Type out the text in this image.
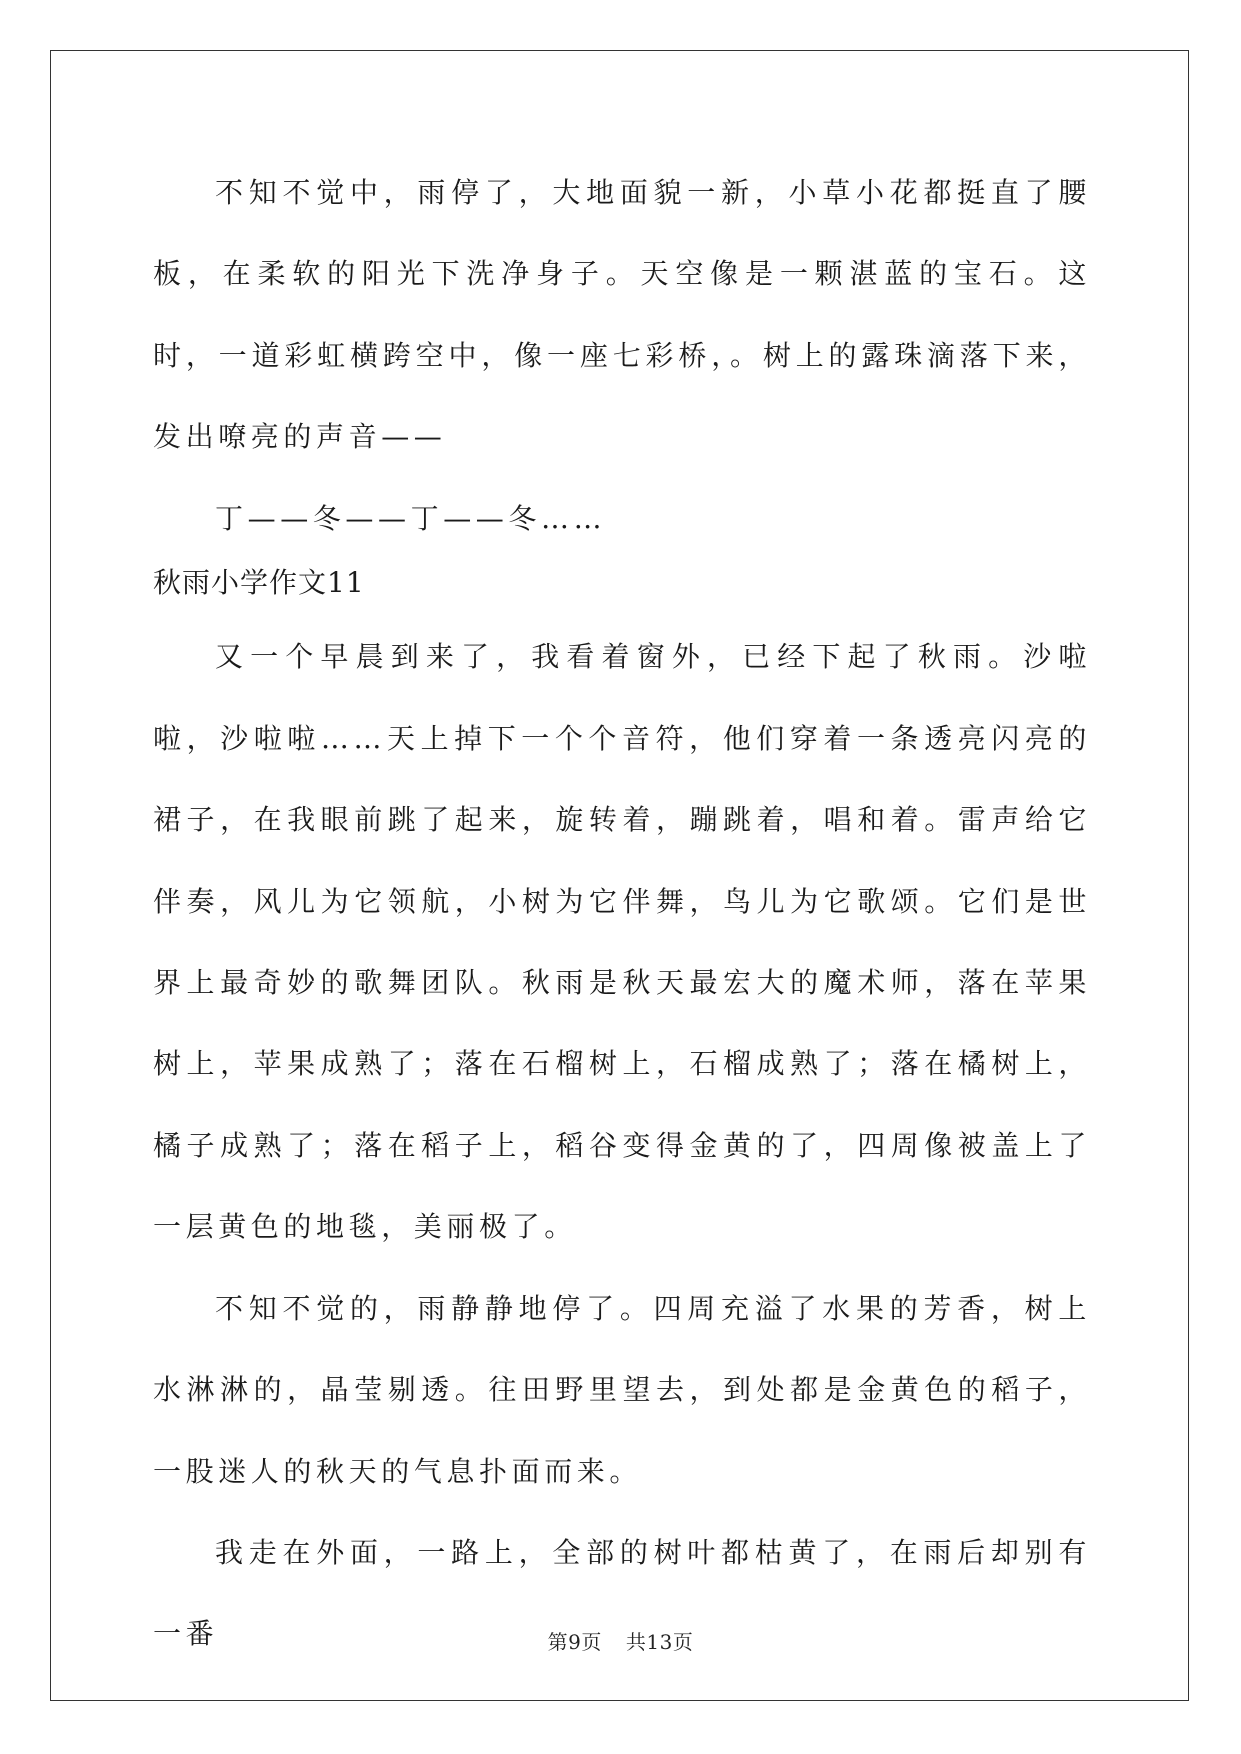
不知不觉中，雨停了，大地面貌一新，小草小花都挺直了腰板，在柔软的阳光下洗净身子。天空像是一颗湛蓝的宝石。这时，一道彩虹横跨空中，像一座七彩桥，。树上的露珠滴落下来，发出嘹亮的声音——

丁——冬——丁——冬……

秋雨小学作文11

又一个早晨到来了，我看着窗外，已经下起了秋雨。沙啦啦，沙啦啦……天上掉下一个个音符，他们穿着一条透亮闪亮的裙子，在我眼前跳了起来，旋转着，蹦跳着，唱和着。雷声给它伴奏，风儿为它领航，小树为它伴舞，鸟儿为它歌颂。它们是世界上最奇妙的歌舞团队。秋雨是秋天最宏大的魔术师，落在苹果树上，苹果成熟了；落在石榴树上，石榴成熟了；落在橘树上，橘子成熟了；落在稻子上，稻谷变得金黄的了，四周像被盖上了一层黄色的地毯，美丽极了。

不知不觉的，雨静静地停了。四周充溢了水果的芳香，树上水淋淋的，晶莹剔透。往田野里望去，到处都是金黄色的稻子，一股迷人的秋天的气息扑面而来。

我走在外面，一路上，全部的树叶都枯黄了，在雨后却别有一番	第9页 共13页
